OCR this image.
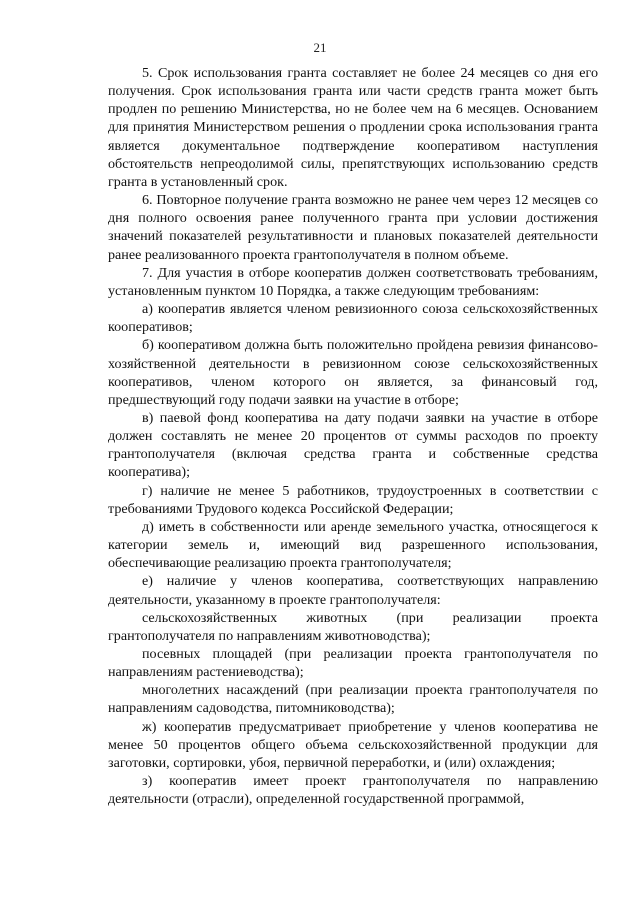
21

5. Срок использования гранта составляет не более 24 месяцев со дня его получения. Срок использования гранта или части средств гранта может быть продлен по решению Министерства, но не более чем на 6 месяцев. Основанием для принятия Министерством решения о продлении срока использования гранта является документальное подтверждение кооперативом наступления обстоятельств непреодолимой силы, препятствующих использованию средств гранта в установленный срок.

6. Повторное получение гранта возможно не ранее чем через 12 месяцев со дня полного освоения ранее полученного гранта при условии достижения значений показателей результативности и плановых показателей деятельности ранее реализованного проекта грантополучателя в полном объеме.

7. Для участия в отборе кооператив должен соответствовать требованиям, установленным пунктом 10 Порядка, а также следующим требованиям:

а) кооператив является членом ревизионного союза сельскохозяйственных кооперативов;

б) кооперативом должна быть положительно пройдена ревизия финансово-хозяйственной деятельности в ревизионном союзе сельскохозяйственных кооперативов, членом которого он является, за финансовый год, предшествующий году подачи заявки на участие в отборе;

в) паевой фонд кооператива на дату подачи заявки на участие в отборе должен составлять не менее 20 процентов от суммы расходов по проекту грантополучателя (включая средства гранта и собственные средства кооператива);

г) наличие не менее 5 работников, трудоустроенных в соответствии с требованиями Трудового кодекса Российской Федерации;

д) иметь в собственности или аренде земельного участка, относящегося к категории земель и, имеющий вид разрешенного использования, обеспечивающие реализацию проекта грантополучателя;

е) наличие у членов кооператива, соответствующих направлению деятельности, указанному в проекте грантополучателя:

сельскохозяйственных животных (при реализации проекта грантополучателя по направлениям животноводства);

посевных площадей (при реализации проекта грантополучателя по направлениям растениеводства);

многолетних насаждений (при реализации проекта грантополучателя по направлениям садоводства, питомниководства);

ж) кооператив предусматривает приобретение у членов кооператива не менее 50 процентов общего объема сельскохозяйственной продукции для заготовки, сортировки, убоя, первичной переработки, и (или) охлаждения;

з) кооператив имеет проект грантополучателя по направлению деятельности (отрасли), определенной государственной программой,
